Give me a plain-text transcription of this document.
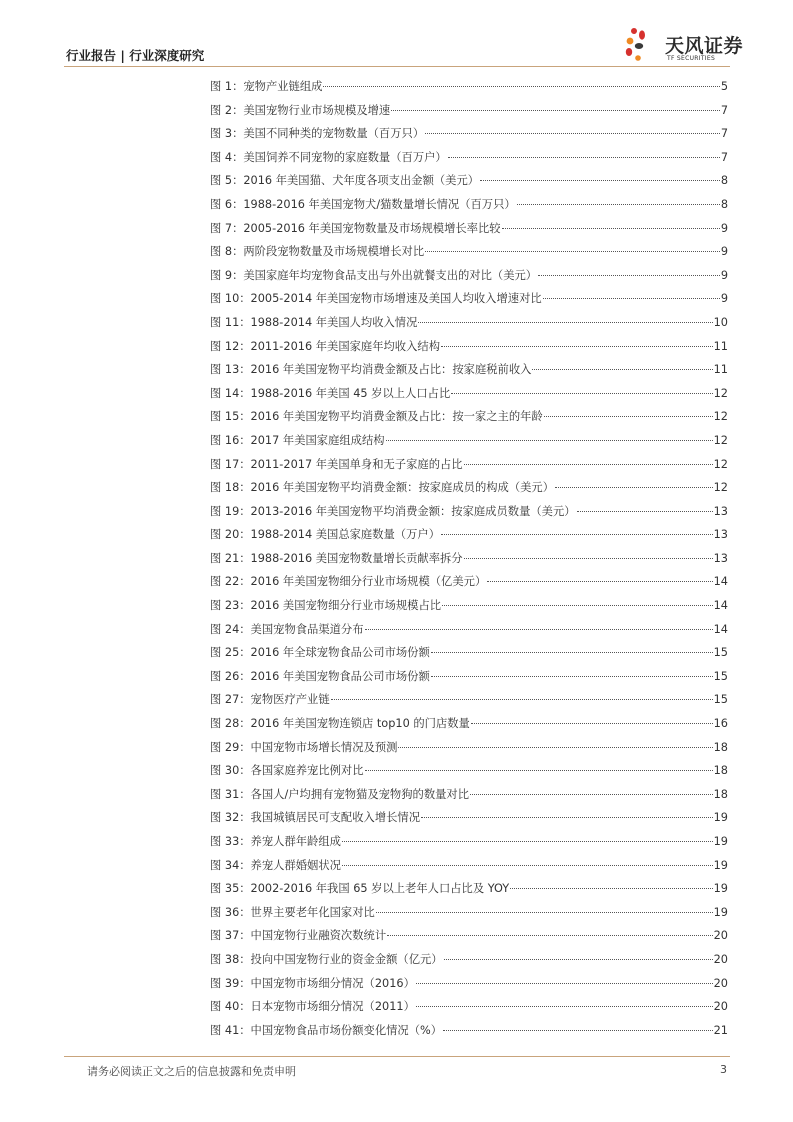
行业报告 | 行业深度研究	天风证券
TF SECURITIES
图 1：宠物产业链组成	5
图 2：美国宠物行业市场规模及增速	7
图 3：美国不同种类的宠物数量（百万只）	7
图 4：美国饲养不同宠物的家庭数量（百万户）	7
图 5：2016 年美国猫、犬年度各项支出金额（美元）	8
图 6：1988-2016 年美国宠物犬/猫数量增长情况（百万只）	8
图 7：2005-2016 年美国宠物数量及市场规模增长率比较	9
图 8：两阶段宠物数量及市场规模增长对比	9
图 9：美国家庭年均宠物食品支出与外出就餐支出的对比（美元）	9
图 10：2005-2014 年美国宠物市场增速及美国人均收入增速对比	9
图 11：1988-2014 年美国人均收入情况	10
图 12：2011-2016 年美国家庭年均收入结构	11
图 13：2016 年美国宠物平均消费金额及占比：按家庭税前收入	11
图 14：1988-2016 年美国 45 岁以上人口占比	12
图 15：2016 年美国宠物平均消费金额及占比：按一家之主的年龄	12
图 16：2017 年美国家庭组成结构	12
图 17：2011-2017 年美国单身和无子家庭的占比	12
图 18：2016 年美国宠物平均消费金额：按家庭成员的构成（美元）	12
图 19：2013-2016 年美国宠物平均消费金额：按家庭成员数量（美元）	13
图 20：1988-2014 美国总家庭数量（万户）	13
图 21：1988-2016 美国宠物数量增长贡献率拆分	13
图 22：2016 年美国宠物细分行业市场规模（亿美元）	14
图 23：2016 美国宠物细分行业市场规模占比	14
图 24：美国宠物食品渠道分布	14
图 25：2016 年全球宠物食品公司市场份额	15
图 26：2016 年美国宠物食品公司市场份额	15
图 27：宠物医疗产业链	15
图 28：2016 年美国宠物连锁店 top10 的门店数量	16
图 29：中国宠物市场增长情况及预测	18
图 30：各国家庭养宠比例对比	18
图 31：各国人/户均拥有宠物猫及宠物狗的数量对比	18
图 32：我国城镇居民可支配收入增长情况	19
图 33：养宠人群年龄组成	19
图 34：养宠人群婚姻状况	19
图 35：2002-2016 年我国 65 岁以上老年人口占比及 YOY	19
图 36：世界主要老年化国家对比	19
图 37：中国宠物行业融资次数统计	20
图 38：投向中国宠物行业的资金金额（亿元）	20
图 39：中国宠物市场细分情况（2016）	20
图 40：日本宠物市场细分情况（2011）	20
图 41：中国宠物食品市场份额变化情况（%）	21
请务必阅读正文之后的信息披露和免责申明	3
